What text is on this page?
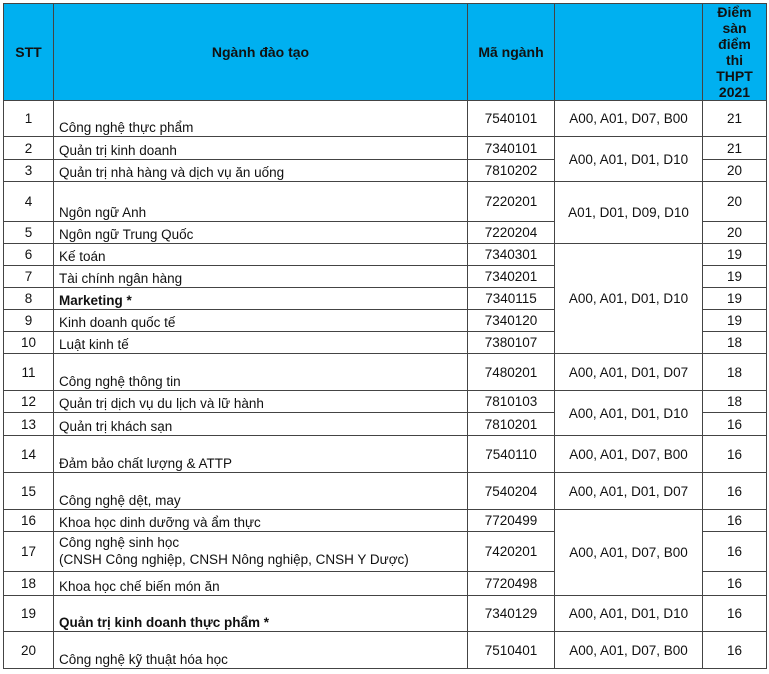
STT	Ngành đào tạo	Mã ngành		Điểm sàn điểm thi THPT 2021
1	Công nghệ thực phẩm	7540101	A00, A01, D07, B00	21
2	Quản trị kinh doanh	7340101	A00, A01, D01, D10	21
3	Quản trị nhà hàng và dịch vụ ăn uống	7810202		20
4	Ngôn ngữ Anh	7220201	A01, D01, D09, D10	20
5	Ngôn ngữ Trung Quốc	7220204		20
6	Kế toán	7340301	A00, A01, D01, D10	19
7	Tài chính ngân hàng	7340201		19
8	Marketing *	7340115		19
9	Kinh doanh quốc tế	7340120		19
10	Luật kinh tế	7380107		18
11	Công nghệ thông tin	7480201	A00, A01, D01, D07	18
12	Quản trị dịch vụ du lịch và lữ hành	7810103	A00, A01, D01, D10	18
13	Quản trị khách sạn	7810201		16
14	Đảm bảo chất lượng & ATTP	7540110	A00, A01, D07, B00	16
15	Công nghệ dệt, may	7540204	A00, A01, D01, D07	16
16	Khoa học dinh dưỡng và ẩm thực	7720499	A00, A01, D07, B00	16
17	Công nghệ sinh học
(CNSH Công nghiệp, CNSH Nông nghiệp, CNSH Y Dược)	7420201		16
18	Khoa học chế biến món ăn	7720498		16
19	Quản trị kinh doanh thực phẩm *	7340129	A00, A01, D01, D10	16
20	Công nghệ kỹ thuật hóa học	7510401	A00, A01, D07, B00	16
